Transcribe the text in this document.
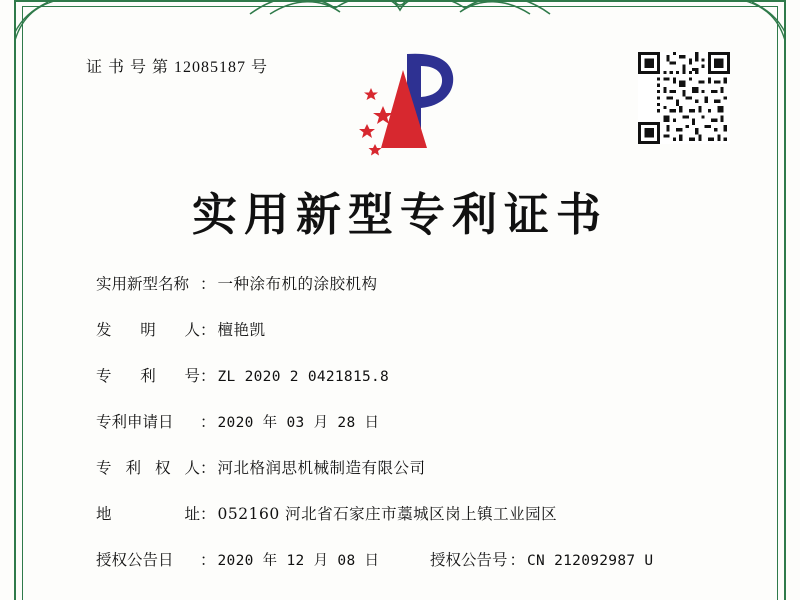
证 书 号 第 12085187 号
实用新型专利证书
实用新型名称 ： 一种涂布机的涂胶机构
发 明 人 ： 檀艳凯
专 利 号 ： ZL 2020 2 0421815.8
专利申请日	： 2020 年 03 月 28 日
专 利 权 人 ： 河北格润思机械制造有限公司
地	址 ： 052160 河北省石家庄市藁城区岗上镇工业园区
授权公告日	： 2020 年 12 月 08 日	授权公告号 ： CN 212092987 U
